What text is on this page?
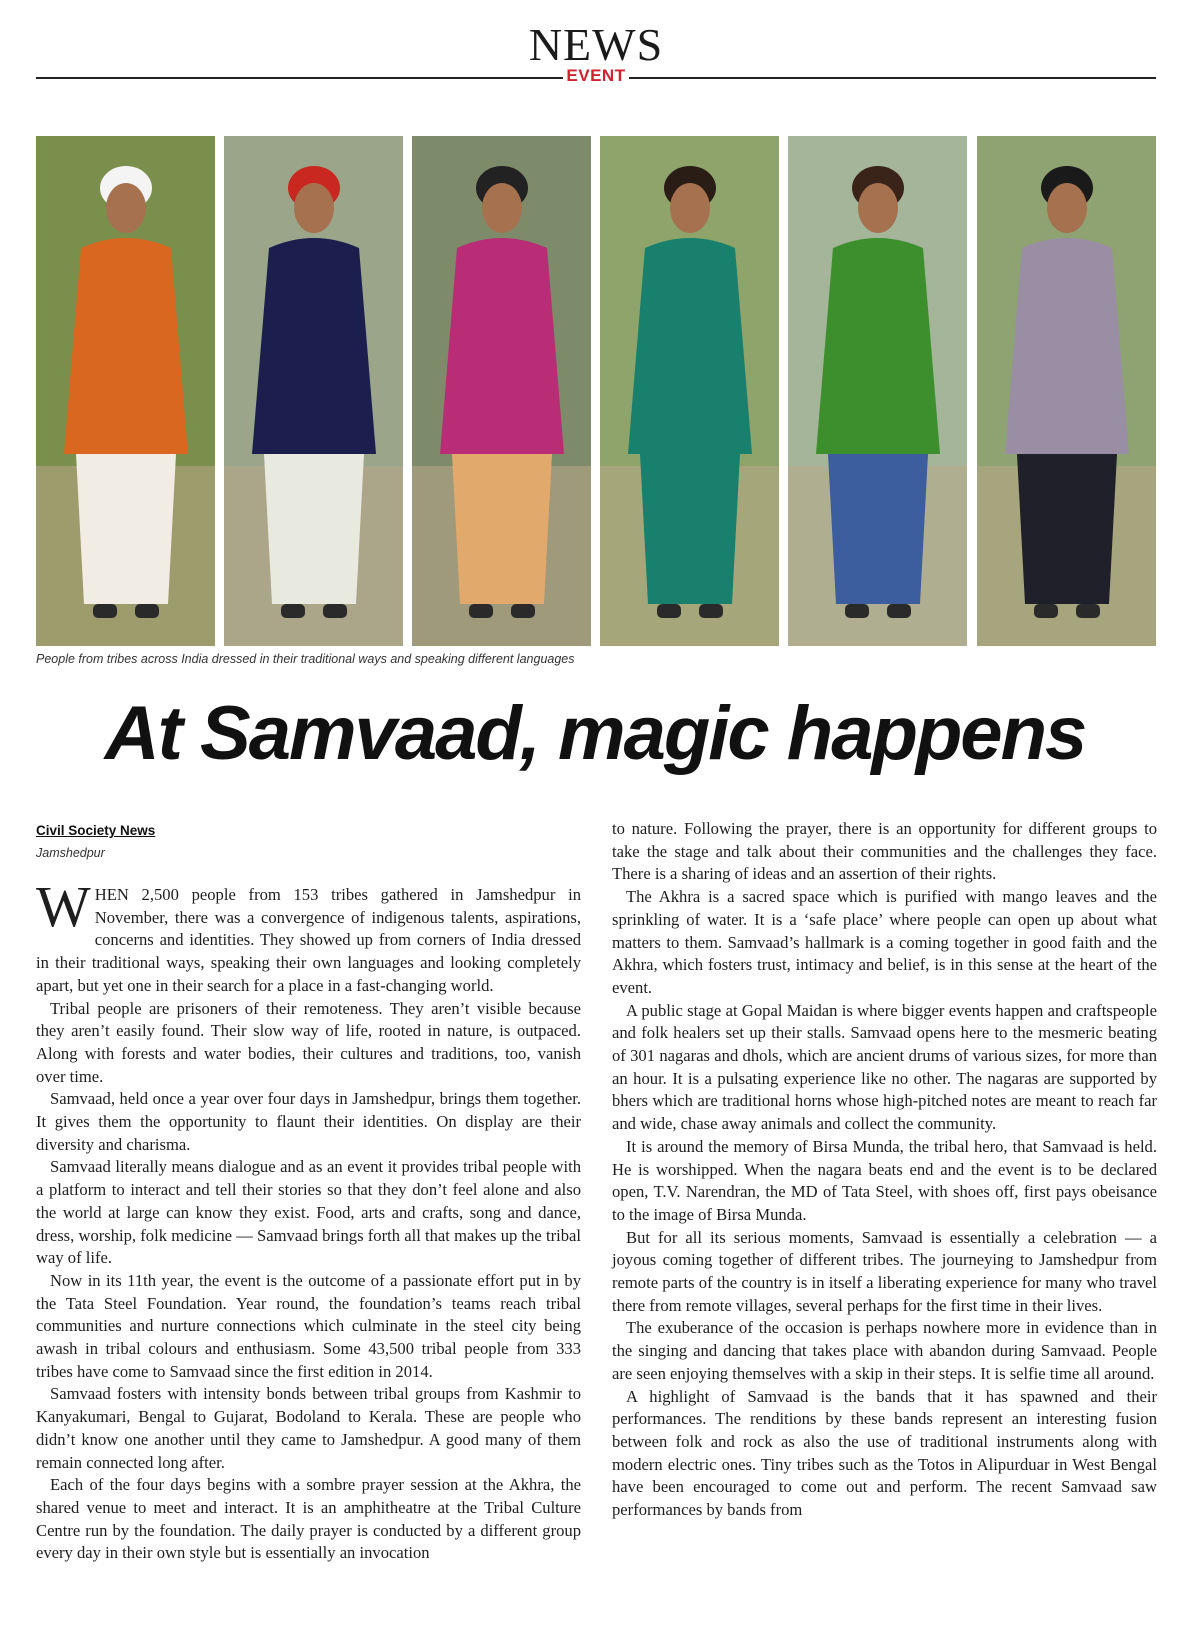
NEWS
EVENT
People from tribes across India dressed in their traditional ways and speaking different languages
At Samvaad, magic happens
Civil Society News
Jamshedpur

WHEN 2,500 people from 153 tribes gathered in Jamshedpur in November, there was a convergence of indigenous talents, aspirations, concerns and identities. They showed up from corners of India dressed in their traditional ways, speaking their own languages and looking completely apart, but yet one in their search for a place in a fast-changing world.

Tribal people are prisoners of their remoteness. They aren’t visible because they aren’t easily found. Their slow way of life, rooted in nature, is outpaced. Along with forests and water bodies, their cultures and traditions, too, vanish over time.

Samvaad, held once a year over four days in Jamshedpur, brings them together. It gives them the opportunity to flaunt their identities. On display are their diversity and charisma.

Samvaad literally means dialogue and as an event it provides tribal people with a platform to interact and tell their stories so that they don’t feel alone and also the world at large can know they exist. Food, arts and crafts, song and dance, dress, worship, folk medicine — Samvaad brings forth all that makes up the tribal way of life.

Now in its 11th year, the event is the outcome of a passionate effort put in by the Tata Steel Foundation. Year round, the foundation’s teams reach tribal communities and nurture connections which culminate in the steel city being awash in tribal colours and enthusiasm. Some 43,500 tribal people from 333 tribes have come to Samvaad since the first edition in 2014.

Samvaad fosters with intensity bonds between tribal groups from Kashmir to Kanyakumari, Bengal to Gujarat, Bodoland to Kerala. These are people who didn’t know one another until they came to Jamshedpur. A good many of them remain connected long after.

Each of the four days begins with a sombre prayer session at the Akhra, the shared venue to meet and interact. It is an amphitheatre at the Tribal Culture Centre run by the foundation. The daily prayer is conducted by a different group every day in their own style but is essentially an invocation

to nature. Following the prayer, there is an opportunity for different groups to take the stage and talk about their communities and the challenges they face. There is a sharing of ideas and an assertion of their rights.

The Akhra is a sacred space which is purified with mango leaves and the sprinkling of water. It is a ‘safe place’ where people can open up about what matters to them. Samvaad’s hallmark is a coming together in good faith and the Akhra, which fosters trust, intimacy and belief, is in this sense at the heart of the event.

A public stage at Gopal Maidan is where bigger events happen and craftspeople and folk healers set up their stalls. Samvaad opens here to the mesmeric beating of 301 nagaras and dhols, which are ancient drums of various sizes, for more than an hour. It is a pulsating experience like no other. The nagaras are supported by bhers which are traditional horns whose high-pitched notes are meant to reach far and wide, chase away animals and collect the community.

It is around the memory of Birsa Munda, the tribal hero, that Samvaad is held. He is worshipped. When the nagara beats end and the event is to be declared open, T.V. Narendran, the MD of Tata Steel, with shoes off, first pays obeisance to the image of Birsa Munda.

But for all its serious moments, Samvaad is essentially a celebration — a joyous coming together of different tribes. The journeying to Jamshedpur from remote parts of the country is in itself a liberating experience for many who travel there from remote villages, several perhaps for the first time in their lives.

The exuberance of the occasion is perhaps nowhere more in evidence than in the singing and dancing that takes place with abandon during Samvaad. People are seen enjoying themselves with a skip in their steps. It is selfie time all around.

A highlight of Samvaad is the bands that it has spawned and their performances. The renditions by these bands represent an interesting fusion between folk and rock as also the use of traditional instruments along with modern electric ones. Tiny tribes such as the Totos in Alipurduar in West Bengal have been encouraged to come out and perform. The recent Samvaad saw performances by bands from
